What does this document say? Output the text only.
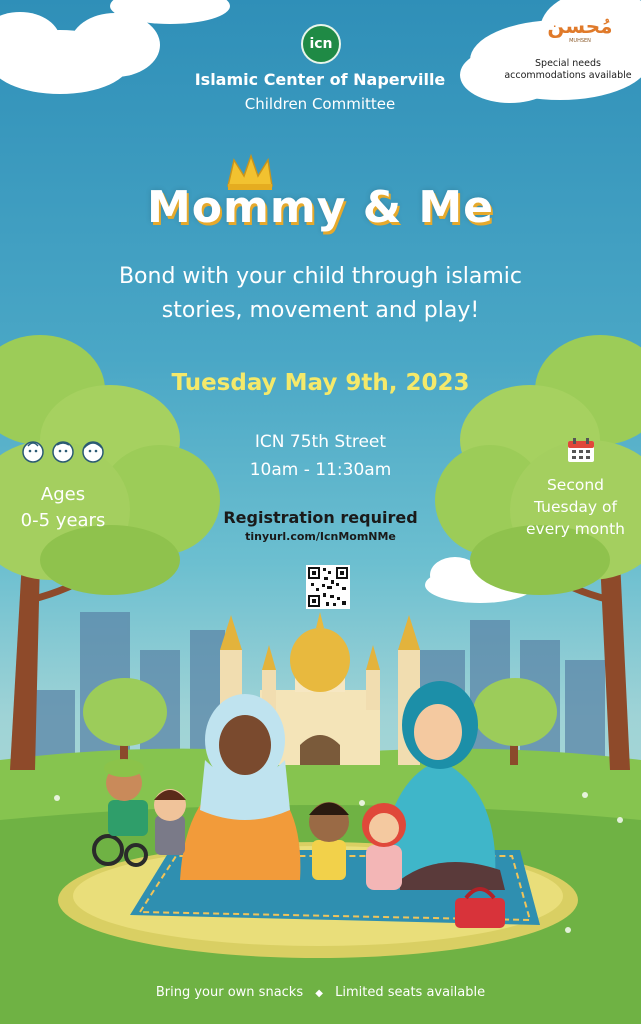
icn
Islamic Center of Naperville
Children Committee
مُحسن
MUHSEN
Special needs accommodations available
Mommy & Me
Bond with your child through islamic
stories, movement and play!
Tuesday May 9th, 2023
ICN 75th Street
10am - 11:30am
Registration required
tinyurl.com/IcnMomNMe
Ages
0-5 years
Second
Tuesday of
every month
Bring your own snacks ◆ Limited seats available
